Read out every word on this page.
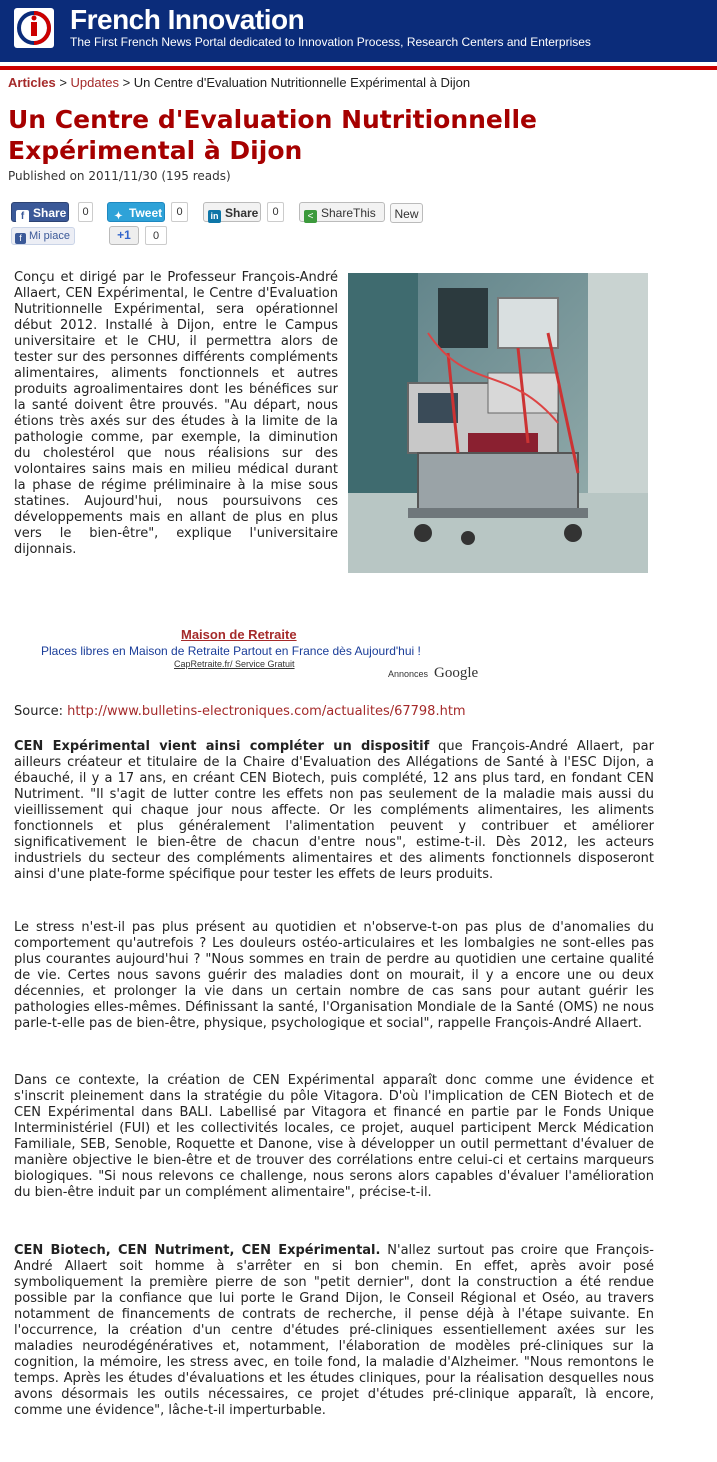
French Innovation
The First French News Portal dedicated to Innovation Process, Research Centers and Enterprises
Articles > Updates > Un Centre d'Evaluation Nutritionnelle Expérimental à Dijon
Un Centre d'Evaluation Nutritionnelle
Expérimental à Dijon
Published on 2011/11/30 (195 reads)
f Share	0	✦ Tweet	0	in Share	0	< ShareThis	New
f Mi piace	+1	0
Conçu et dirigé par le Professeur François-André Allaert, CEN Expérimental, le Centre d'Evaluation Nutritionnelle Expérimental, sera opérationnel début 2012. Installé à Dijon, entre le Campus universitaire et le CHU, il permettra alors de tester sur des personnes différents compléments alimentaires, aliments fonctionnels et autres produits agroalimentaires dont les bénéfices sur la santé doivent être prouvés. "Au départ, nous étions très axés sur des études à la limite de la pathologie comme, par exemple, la diminution du cholestérol que nous réalisions sur des volontaires sains mais en milieu médical durant la phase de régime préliminaire à la mise sous statines. Aujourd'hui, nous poursuivons ces développements mais en allant de plus en plus vers le bien-être", explique l'universitaire dijonnais.
Maison de Retraite
Places libres en Maison de Retraite Partout en France dès Aujourd'hui !
CapRetraite.fr/ Service Gratuit
Annonces Google
Source: http://www.bulletins-electroniques.com/actualites/67798.htm
CEN Expérimental vient ainsi compléter un dispositif que François-André Allaert, par ailleurs créateur et titulaire de la Chaire d'Evaluation des Allégations de Santé à l'ESC Dijon, a ébauché, il y a 17 ans, en créant CEN Biotech, puis complété, 12 ans plus tard, en fondant CEN Nutriment. "Il s'agit de lutter contre les effets non pas seulement de la maladie mais aussi du vieillissement qui chaque jour nous affecte. Or les compléments alimentaires, les aliments fonctionnels et plus généralement l'alimentation peuvent y contribuer et améliorer significativement le bien-être de chacun d'entre nous", estime-t-il. Dès 2012, les acteurs industriels du secteur des compléments alimentaires et des aliments fonctionnels disposeront ainsi d'une plate-forme spécifique pour tester les effets de leurs produits.
Le stress n'est-il pas plus présent au quotidien et n'observe-t-on pas plus de d'anomalies du comportement qu'autrefois ? Les douleurs ostéo-articulaires et les lombalgies ne sont-elles pas plus courantes aujourd'hui ? "Nous sommes en train de perdre au quotidien une certaine qualité de vie. Certes nous savons guérir des maladies dont on mourait, il y a encore une ou deux décennies, et prolonger la vie dans un certain nombre de cas sans pour autant guérir les pathologies elles-mêmes. Définissant la santé, l'Organisation Mondiale de la Santé (OMS) ne nous parle-t-elle pas de bien-être, physique, psychologique et social", rappelle François-André Allaert.
Dans ce contexte, la création de CEN Expérimental apparaît donc comme une évidence et s'inscrit pleinement dans la stratégie du pôle Vitagora. D'où l'implication de CEN Biotech et de CEN Expérimental dans BALI. Labellisé par Vitagora et financé en partie par le Fonds Unique Interministériel (FUI) et les collectivités locales, ce projet, auquel participent Merck Médication Familiale, SEB, Senoble, Roquette et Danone, vise à développer un outil permettant d'évaluer de manière objective le bien-être et de trouver des corrélations entre celui-ci et certains marqueurs biologiques. "Si nous relevons ce challenge, nous serons alors capables d'évaluer l'amélioration du bien-être induit par un complément alimentaire", précise-t-il.
CEN Biotech, CEN Nutriment, CEN Expérimental. N'allez surtout pas croire que François-André Allaert soit homme à s'arrêter en si bon chemin. En effet, après avoir posé symboliquement la première pierre de son "petit dernier", dont la construction a été rendue possible par la confiance que lui porte le Grand Dijon, le Conseil Régional et Oséo, au travers notamment de financements de contrats de recherche, il pense déjà à l'étape suivante. En l'occurrence, la création d'un centre d'études pré-cliniques essentiellement axées sur les maladies neurodégénératives et, notamment, l'élaboration de modèles pré-cliniques sur la cognition, la mémoire, les stress avec, en toile fond, la maladie d'Alzheimer. "Nous remontons le temps. Après les études d'évaluations et les études cliniques, pour la réalisation desquelles nous avons désormais les outils nécessaires, ce projet d'études pré-clinique apparaît, là encore, comme une évidence", lâche-t-il imperturbable.
